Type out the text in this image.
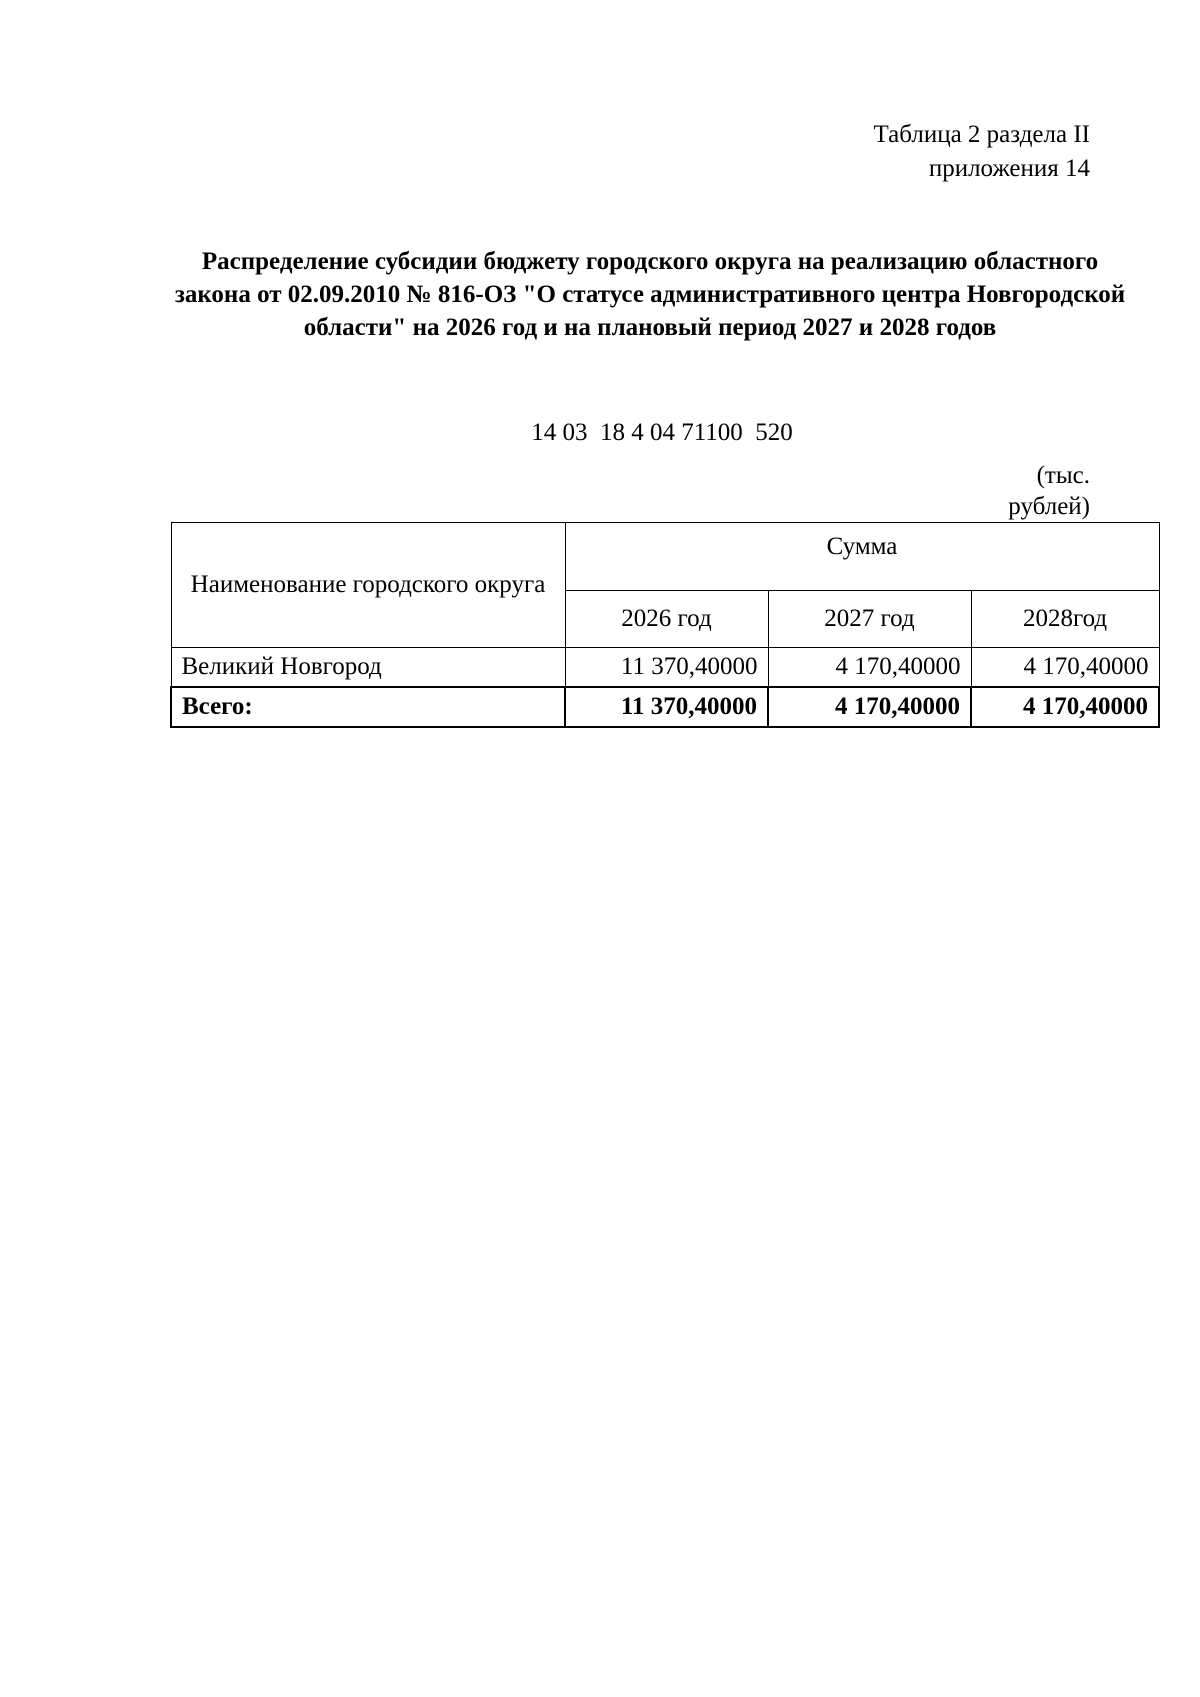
Таблица 2 раздела II
приложения 14
Распределение субсидии бюджету городского округа на реализацию областного закона от 02.09.2010 № 816-ОЗ "О статусе административного центра Новгородской области" на 2026 год и на плановый период 2027 и 2028 годов
14 03  18 4 04 71100  520
(тыс. рублей)
Наименование городского округа	Сумма		
	2026 год	2027 год	2028год
Великий Новгород	11 370,40000	4 170,40000	4 170,40000
Всего:	11 370,40000	4 170,40000	4 170,40000
